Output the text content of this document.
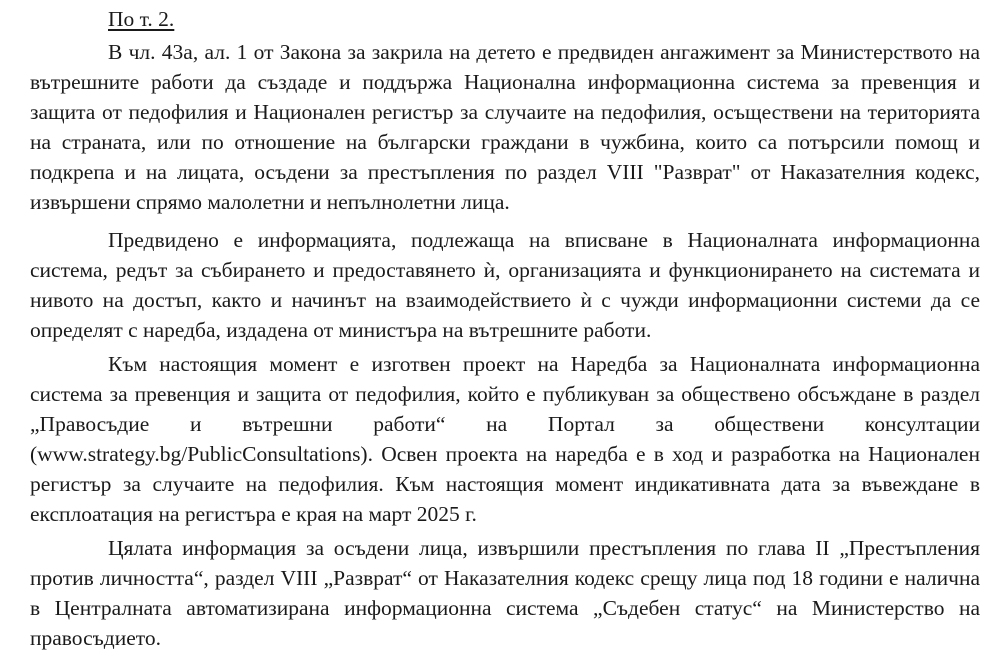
По т. 2.

В чл. 43а, ал. 1 от Закона за закрила на детето е предвиден ангажимент за Министерството на вътрешните работи да създаде и поддържа Национална информационна система за превенция и защита от педофилия и Национален регистър за случаите на педофилия, осъществени на територията на страната, или по отношение на български граждани в чужбина, които са потърсили помощ и подкрепа и на лицата, осъдени за престъпления по раздел VIII "Разврат" от Наказателния кодекс, извършени спрямо малолетни и непълнолетни лица.

Предвидено е информацията, подлежаща на вписване в Националната информационна система, редът за събирането и предоставянето ѝ, организацията и функционирането на системата и нивото на достъп, както и начинът на взаимодействието ѝ с чужди информационни системи да се определят с наредба, издадена от министъра на вътрешните работи.

Към настоящия момент е изготвен проект на Наредба за Националната информационна система за превенция и защита от педофилия, който е публикуван за обществено обсъждане в раздел „Правосъдие и вътрешни работи“ на Портал за обществени консултации (www.strategy.bg/PublicConsultations). Освен проекта на наредба е в ход и разработка на Национален регистър за случаите на педофилия. Към настоящия момент индикативната дата за въвеждане в експлоатация на регистъра е края на март 2025 г.

Цялата информация за осъдени лица, извършили престъпления по глава II „Престъпления против личността“, раздел VIII „Разврат“ от Наказателния кодекс срещу лица под 18 години е налична в Централната автоматизирана информационна система „Съдебен статус“ на Министерство на правосъдието.
